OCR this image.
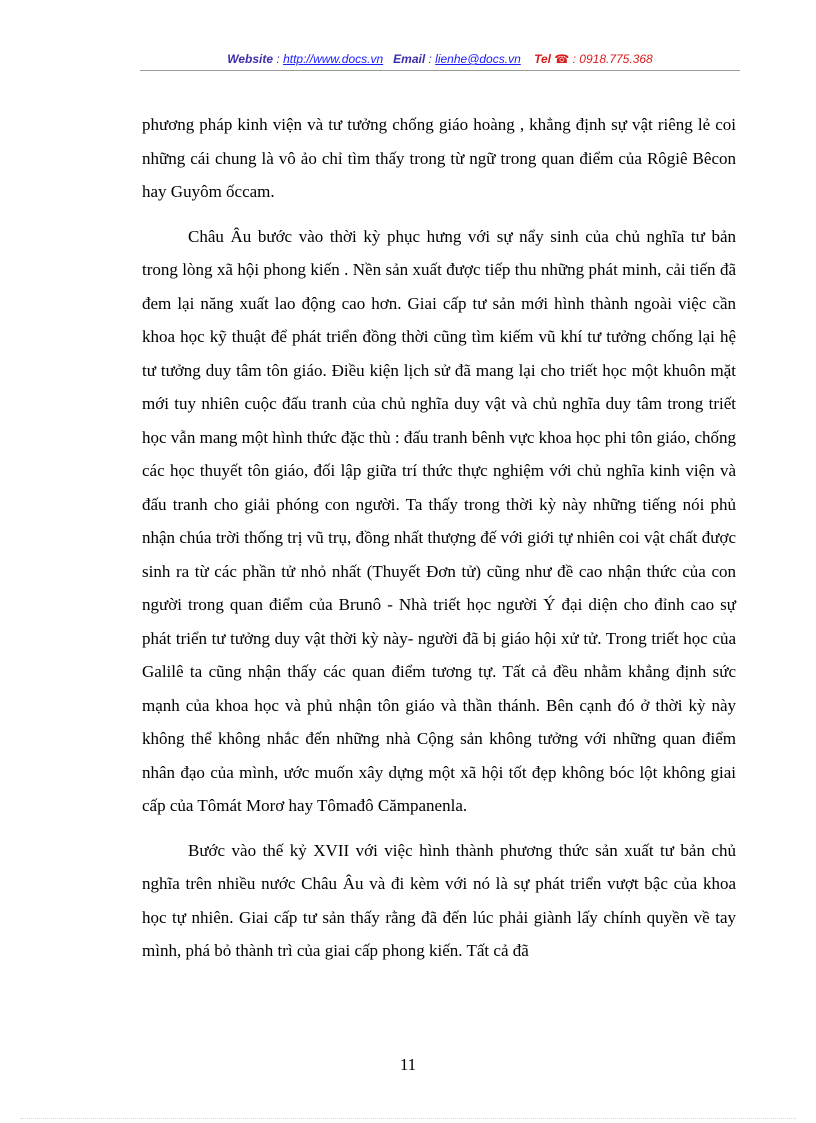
Website : http://www.docs.vn Email : lienhe@docs.vn Tel ☎ : 0918.775.368

phương pháp kinh viện và tư tưởng chống giáo hoàng , khẳng định sự vật riêng lẻ coi những cái chung là vô ảo chỉ tìm thấy trong từ ngữ trong quan điểm của Rôgiê Bêcon hay Guyôm ốccam.

Châu Âu bước vào thời kỳ phục hưng với sự nẩy sinh của chủ nghĩa tư bản trong lòng xã hội phong kiến . Nền sản xuất được tiếp thu những phát minh, cải tiến đã đem lại năng xuất lao động cao hơn. Giai cấp tư sản mới hình thành ngoài việc cần khoa học kỹ thuật để phát triển đồng thời cũng tìm kiếm vũ khí tư tưởng chống lại hệ tư tưởng duy tâm tôn giáo. Điều kiện lịch sử đã mang lại cho triết học một khuôn mặt mới tuy nhiên cuộc đấu tranh của chủ nghĩa duy vật và chủ nghĩa duy tâm trong triết học vẫn mang một hình thức đặc thù : đấu tranh bênh vực khoa học phi tôn giáo, chống các học thuyết tôn giáo, đối lập giữa trí thức thực nghiệm với chủ nghĩa kinh viện và đấu tranh cho giải phóng con người. Ta thấy trong thời kỳ này những tiếng nói phủ nhận chúa trời thống trị vũ trụ, đồng nhất thượng đế với giới tự nhiên coi vật chất được sinh ra từ các phần tử nhỏ nhất (Thuyết Đơn tử) cũng như đề cao nhận thức của con người trong quan điểm của Brunô - Nhà triết học người Ý đại diện cho đỉnh cao sự phát triển tư tưởng duy vật thời kỳ này- người đã bị giáo hội xử tử. Trong triết học của Galilê ta cũng nhận thấy các quan điểm tương tự. Tất cả đều nhằm khẳng định sức mạnh của khoa học và phủ nhận tôn giáo và thần thánh. Bên cạnh đó ở thời kỳ này không thể không nhắc đến những nhà Cộng sản không tưởng với những quan điểm nhân đạo của mình, ước muốn xây dựng một xã hội tốt đẹp không bóc lột không giai cấp của Tômát Morơ hay Tômađô Cămpanenla.

Bước vào thế kỷ XVII với việc hình thành phương thức sản xuất tư bản chủ nghĩa trên nhiều nước Châu Âu và đi kèm với nó là sự phát triển vượt bậc của khoa học tự nhiên. Giai cấp tư sản thấy rằng đã đến lúc phải giành lấy chính quyền về tay mình, phá bỏ thành trì của giai cấp phong kiến. Tất cả đã

11
